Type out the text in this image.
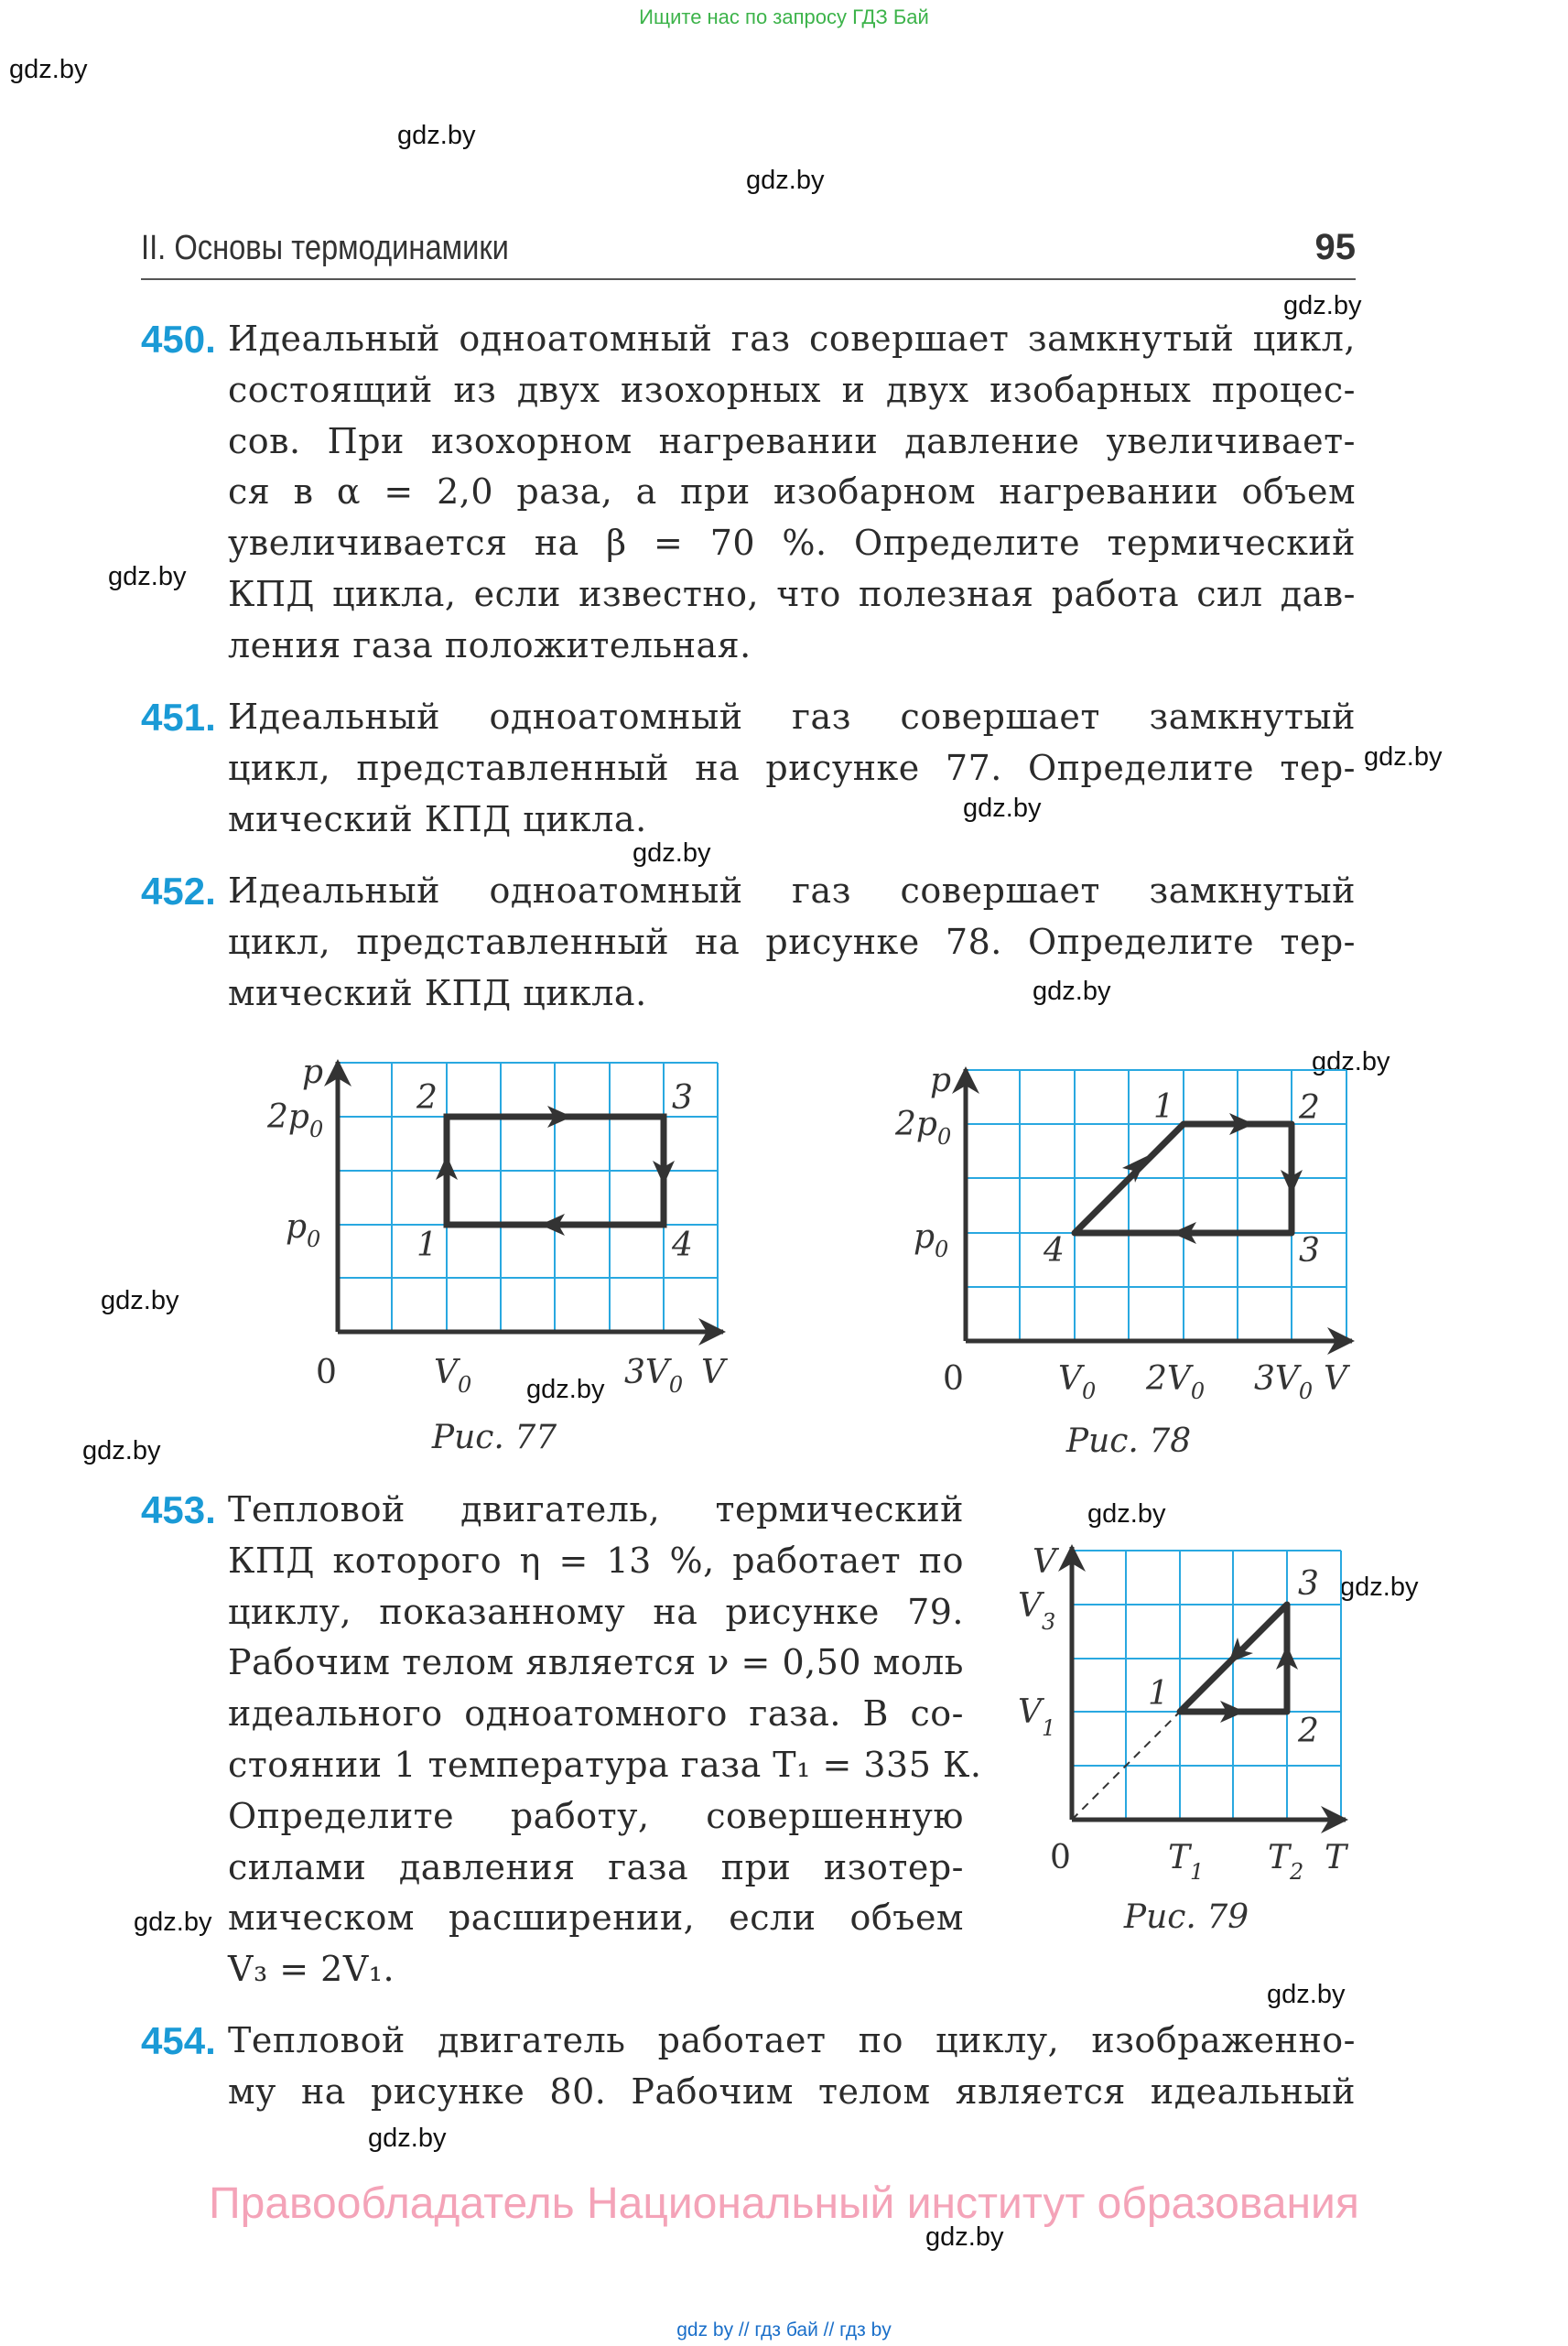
Ищите нас по запросу ГДЗ Бай
gdz.by
gdz.by
gdz.by
gdz.by
gdz.by
gdz.by
gdz.by
gdz.by
gdz.by
gdz.by
gdz.by
gdz.by
gdz.by
gdz.by
gdz.by
gdz.by
gdz.by
gdz.by
gdz.by
II. Основы термодинамики	95
450. Идеальный одноатомный газ совершает замкнутый цикл,
состоящий из двух изохорных и двух изобарных процес-
сов. При изохорном нагревании давление увеличивает-
ся в α = 2,0 раза, а при изобарном нагревании объем
увеличивается на β = 70 %. Определите термический
КПД цикла, если известно, что полезная работа сил дав-
ления газа положительная.
451. Идеальный одноатомный газ совершает замкнутый
цикл, представленный на рисунке 77. Определите тер-
мический КПД цикла.
452. Идеальный одноатомный газ совершает замкнутый
цикл, представленный на рисунке 78. Определите тер-
мический КПД цикла.
453. Тепловой двигатель, термический
КПД которого η = 13 %, работает по
циклу, показанному на рисунке 79.
Рабочим телом является ν = 0,50 моль
идеального одноатомного газа. В со-
стоянии 1 температура газа T₁ = 335 К.
Определите работу, совершенную
силами давления газа при изотер-
мическом расширении, если объем
V₃ = 2V₁.
454. Тепловой двигатель работает по циклу, изображенно-
му на рисунке 80. Рабочим телом является идеальный
p
$2p_0$
$p_0$
2	3
1	4
0	$V_0$	$3V_0$ V
Рис. 77
p
$2p_0$
$p_0$
1	2
3
4
0	$V_0$ $2V_0$ $3V_0$ V
Рис. 78
V
$V_3$
$V_1$
1
2
3
0	$T_1$ $T_2$ T
Рис. 79
Правообладатель Национальный институт образования
gdz by // гдз бай // гдз by
